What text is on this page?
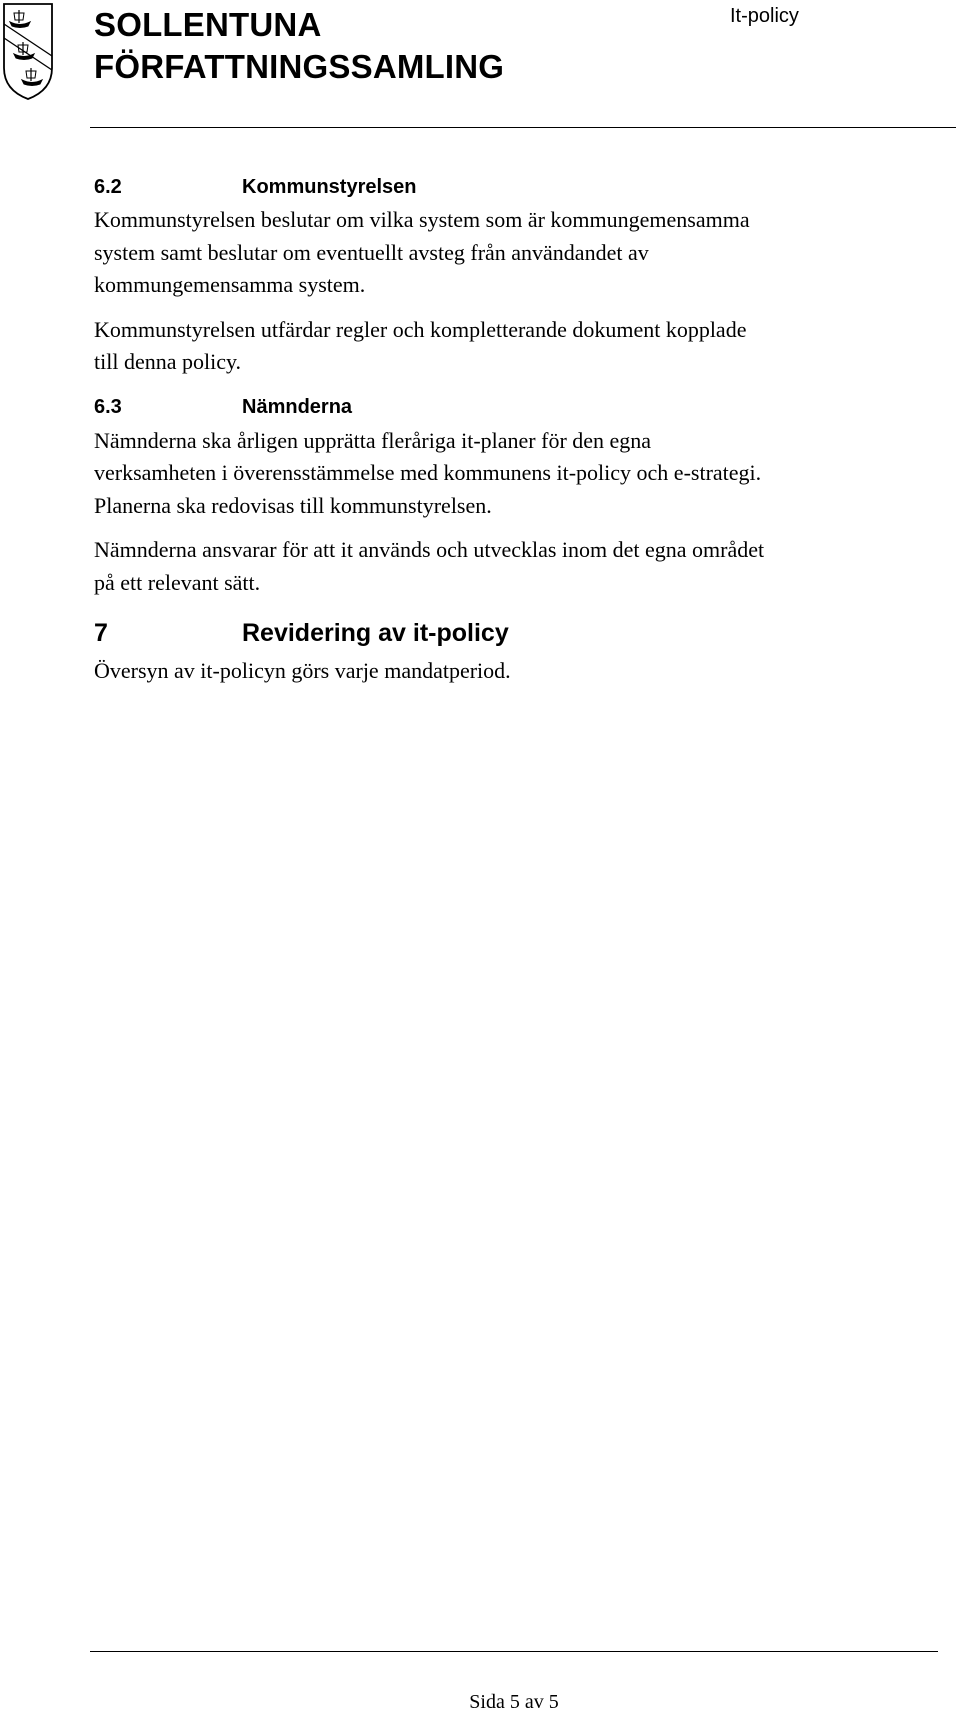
SOLLENTUNA
FÖRFATTNINGSSAMLING
It-policy
6.2	Kommunstyrelsen

Kommunstyrelsen beslutar om vilka system som är kommungemensamma

system samt beslutar om eventuellt avsteg från användandet av

kommungemensamma system.

Kommunstyrelsen utfärdar regler och kompletterande dokument kopplade

till denna policy.

6.3	Nämnderna

Nämnderna ska årligen upprätta fleråriga it-planer för den egna

verksamheten i överensstämmelse med kommunens it-policy och e-strategi.

Planerna ska redovisas till kommunstyrelsen.

Nämnderna ansvarar för att it används och utvecklas inom det egna området

på ett relevant sätt.

7	Revidering av it-policy

Översyn av it-policyn görs varje mandatperiod.

Sida 5 av 5
